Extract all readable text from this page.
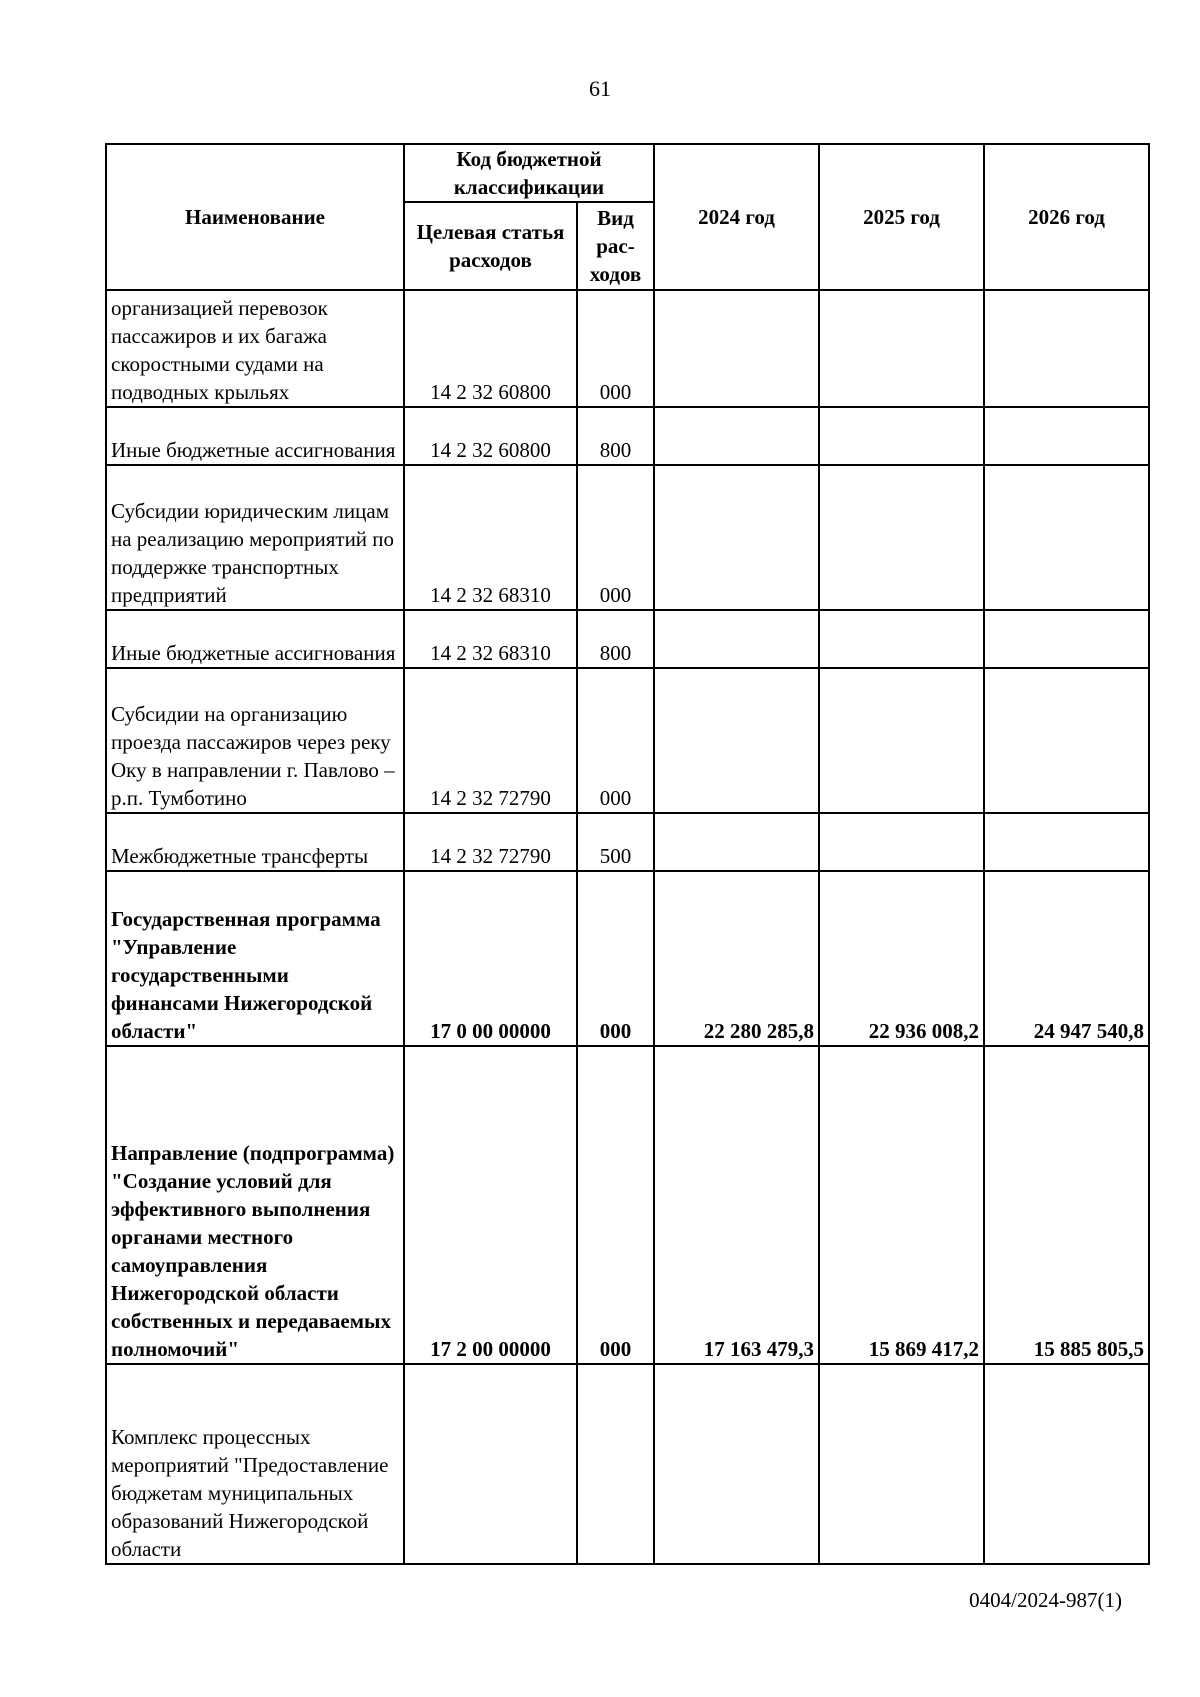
61
Наименование	Код бюджетной классификации		2024 год	2025 год	2026 год
	Целевая статья расходов	Вид рас-ходов			
организацией перевозок пассажиров и их багажа скоростными судами на подводных крыльях	14 2 32 60800	000			
Иные бюджетные ассигнования	14 2 32 60800	800			
Субсидии юридическим лицам на реализацию мероприятий по поддержке транспортных предприятий	14 2 32 68310	000			
Иные бюджетные ассигнования	14 2 32 68310	800			
Субсидии на организацию проезда пассажиров через реку Оку в направлении г. Павлово – р.п. Тумботино	14 2 32 72790	000			
Межбюджетные трансферты	14 2 32 72790	500			
Государственная программа "Управление государственными финансами Нижегородской области"	17 0 00 00000	000	22 280 285,8	22 936 008,2	24 947 540,8
Направление (подпрограмма) "Создание условий для эффективного выполнения органами местного самоуправления Нижегородской области собственных и передаваемых полномочий"	17 2 00 00000	000	17 163 479,3	15 869 417,2	15 885 805,5
Комплекс процессных мероприятий "Предоставление бюджетам муниципальных образований Нижегородской области					
0404/2024-987(1)
